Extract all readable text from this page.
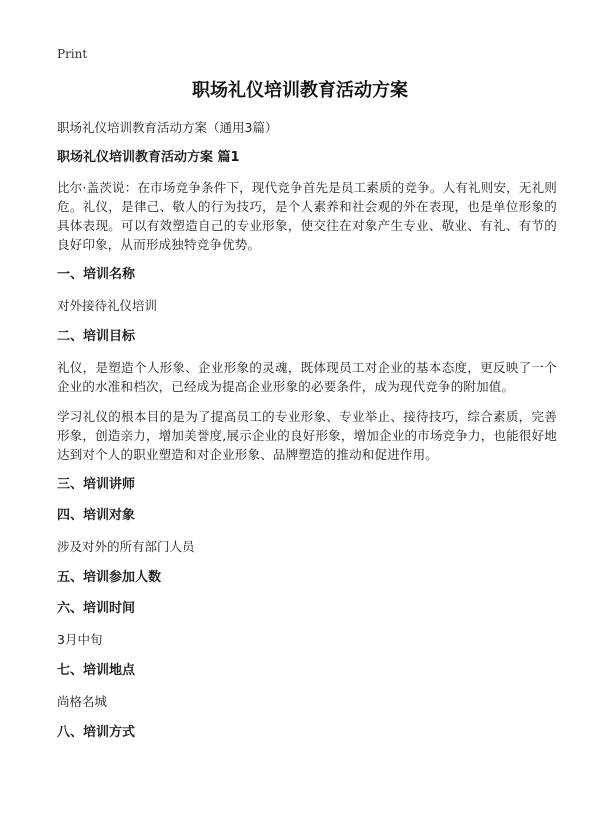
Print
职场礼仪培训教育活动方案
职场礼仪培训教育活动方案（通用3篇）
职场礼仪培训教育活动方案 篇1
比尔·盖茨说：在市场竞争条件下，现代竞争首先是员工素质的竞争。人有礼则安，无礼则危。礼仪，是律己、敬人的行为技巧，是个人素养和社会观的外在表现，也是单位形象的具体表现。可以有效塑造自己的专业形象，使交往在对象产生专业、敬业、有礼、有节的良好印象，从而形成独特竞争优势。
一、培训名称
对外接待礼仪培训
二、培训目标
礼仪，是塑造个人形象、企业形象的灵魂，既体现员工对企业的基本态度，更反映了一个企业的水准和档次，已经成为提高企业形象的必要条件，成为现代竞争的附加值。
学习礼仪的根本目的是为了提高员工的专业形象、专业举止、接待技巧，综合素质，完善形象，创造亲力，增加美誉度,展示企业的良好形象，增加企业的市场竞争力，也能很好地达到对个人的职业塑造和对企业形象、品牌塑造的推动和促进作用。
三、培训讲师
四、培训对象
涉及对外的所有部门人员
五、培训参加人数
六、培训时间
3月中旬
七、培训地点
尚格名城
八、培训方式
